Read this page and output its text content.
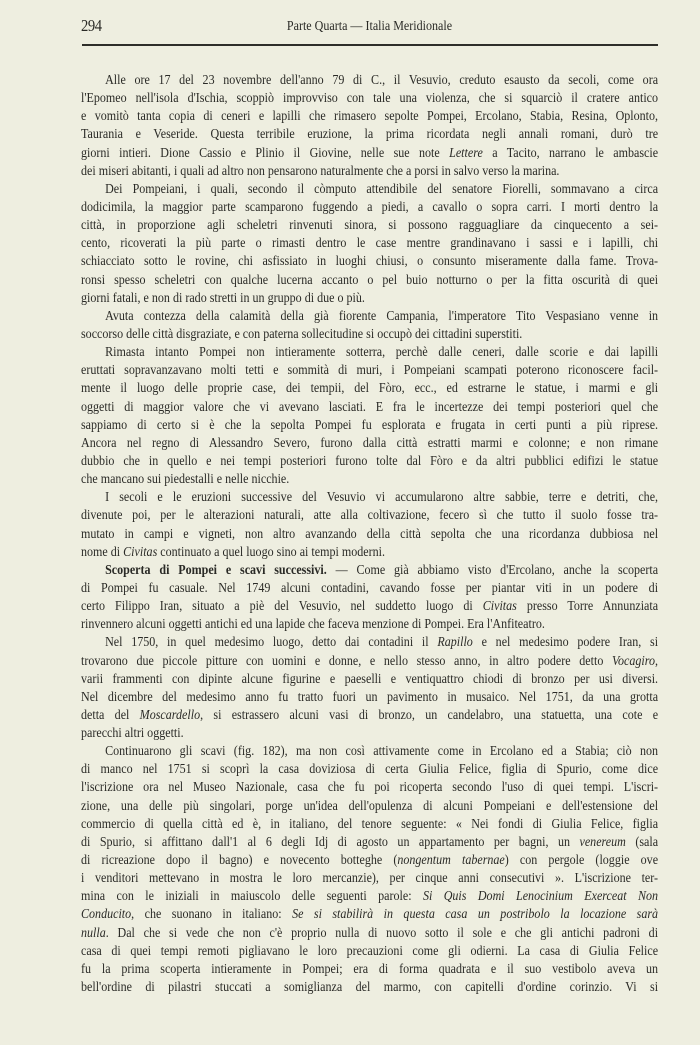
294	Parte Quarta — Italia Meridionale
Alle ore 17 del 23 novembre dell'anno 79 di C., il Vesuvio, creduto esausto da secoli, come ora
l'Epomeo nell'isola d'Ischia, scoppiò improvviso con tale una violenza, che si squarciò il cratere antico
e vomitò tanta copia di ceneri e lapilli che rimasero sepolte Pompei, Ercolano, Stabia, Resina, Oplonto,
Taurania e Veseride. Questa terribile eruzione, la prima ricordata negli annali romani, durò tre
giorni intieri. Dione Cassio e Plinio il Giovine, nelle sue note Lettere a Tacito, narrano le ambascie
dei miseri abitanti, i quali ad altro non pensarono naturalmente che a porsi in salvo verso la marina.
Dei Pompeiani, i quali, secondo il còmputo attendibile del senatore Fiorelli, sommavano a circa
dodicimila, la maggior parte scamparono fuggendo a piedi, a cavallo o sopra carri. I morti dentro la
città, in proporzione agli scheletri rinvenuti sinora, si possono ragguagliare da cinquecento a sei-
cento, ricoverati la più parte o rimasti dentro le case mentre grandinavano i sassi e i lapilli, chi
schiacciato sotto le rovine, chi asfissiato in luoghi chiusi, o consunto miseramente dalla fame. Trova-
ronsi spesso scheletri con qualche lucerna accanto o pel buio notturno o per la fitta oscurità di quei
giorni fatali, e non di rado stretti in un gruppo di due o più.
Avuta contezza della calamità della già fiorente Campania, l'imperatore Tito Vespasiano venne in
soccorso delle città disgraziate, e con paterna sollecitudine si occupò dei cittadini superstiti.
Rimasta intanto Pompei non intieramente sotterra, perchè dalle ceneri, dalle scorie e dai lapilli
eruttati sopravanzavano molti tetti e sommità di muri, i Pompeiani scampati poterono riconoscere facil-
mente il luogo delle proprie case, dei tempii, del Fòro, ecc., ed estrarne le statue, i marmi e gli
oggetti di maggior valore che vi avevano lasciati. E fra le incertezze dei tempi posteriori quel che
sappiamo di certo si è che la sepolta Pompei fu esplorata e frugata in certi punti a più riprese.
Ancora nel regno di Alessandro Severo, furono dalla città estratti marmi e colonne; e non rimane
dubbio che in quello e nei tempi posteriori furono tolte dal Fòro e da altri pubblici edifizi le statue
che mancano sui piedestalli e nelle nicchie.
I secoli e le eruzioni successive del Vesuvio vi accumularono altre sabbie, terre e detriti, che,
divenute poi, per le alterazioni naturali, atte alla coltivazione, fecero sì che tutto il suolo fosse tra-
mutato in campi e vigneti, non altro avanzando della città sepolta che una ricordanza dubbiosa nel
nome di Civitas continuato a quel luogo sino ai tempi moderni.
Scoperta di Pompei e scavi successivi. — Come già abbiamo visto d'Ercolano, anche la scoperta
di Pompei fu casuale. Nel 1749 alcuni contadini, cavando fosse per piantar viti in un podere di
certo Filippo Iran, situato a piè del Vesuvio, nel suddetto luogo di Civitas presso Torre Annunziata
rinvennero alcuni oggetti antichi ed una lapide che faceva menzione di Pompei. Era l'Anfiteatro.
Nel 1750, in quel medesimo luogo, detto dai contadini il Rapillo e nel medesimo podere Iran, si
trovarono due piccole pitture con uomini e donne, e nello stesso anno, in altro podere detto Vocagiro,
varii frammenti con dipinte alcune figurine e paeselli e ventiquattro chiodi di bronzo per usi diversi.
Nel dicembre del medesimo anno fu tratto fuori un pavimento in musaico. Nel 1751, da una grotta
detta del Moscardello, si estrassero alcuni vasi di bronzo, un candelabro, una statuetta, una cote e
parecchi altri oggetti.
Continuarono gli scavi (fig. 182), ma non così attivamente come in Ercolano ed a Stabia; ciò non
di manco nel 1751 si scoprì la casa doviziosa di certa Giulia Felice, figlia di Spurio, come dice
l'iscrizione ora nel Museo Nazionale, casa che fu poi ricoperta secondo l'uso di quei tempi. L'iscri-
zione, una delle più singolari, porge un'idea dell'opulenza di alcuni Pompeiani e dell'estensione del
commercio di quella città ed è, in italiano, del tenore seguente: « Nei fondi di Giulia Felice, figlia
di Spurio, si affittano dall'1 al 6 degli Idj di agosto un appartamento per bagni, un venereum (sala
di ricreazione dopo il bagno) e novecento botteghe (nongentum tabernae) con pergole (loggie ove
i venditori mettevano in mostra le loro mercanzie), per cinque anni consecutivi ». L'iscrizione ter-
mina con le iniziali in maiuscolo delle seguenti parole: Si Quis Domi Lenocinium Exerceat Non
Conducito, che suonano in italiano: Se si stabilirà in questa casa un postribolo la locazione sarà
nulla. Dal che si vede che non c'è proprio nulla di nuovo sotto il sole e che gli antichi padroni di
casa di quei tempi remoti pigliavano le loro precauzioni come gli odierni. La casa di Giulia Felice
fu la prima scoperta intieramente in Pompei; era di forma quadrata e il suo vestibolo aveva un
bell'ordine di pilastri stuccati a somiglianza del marmo, con capitelli d'ordine corinzio. Vi si
